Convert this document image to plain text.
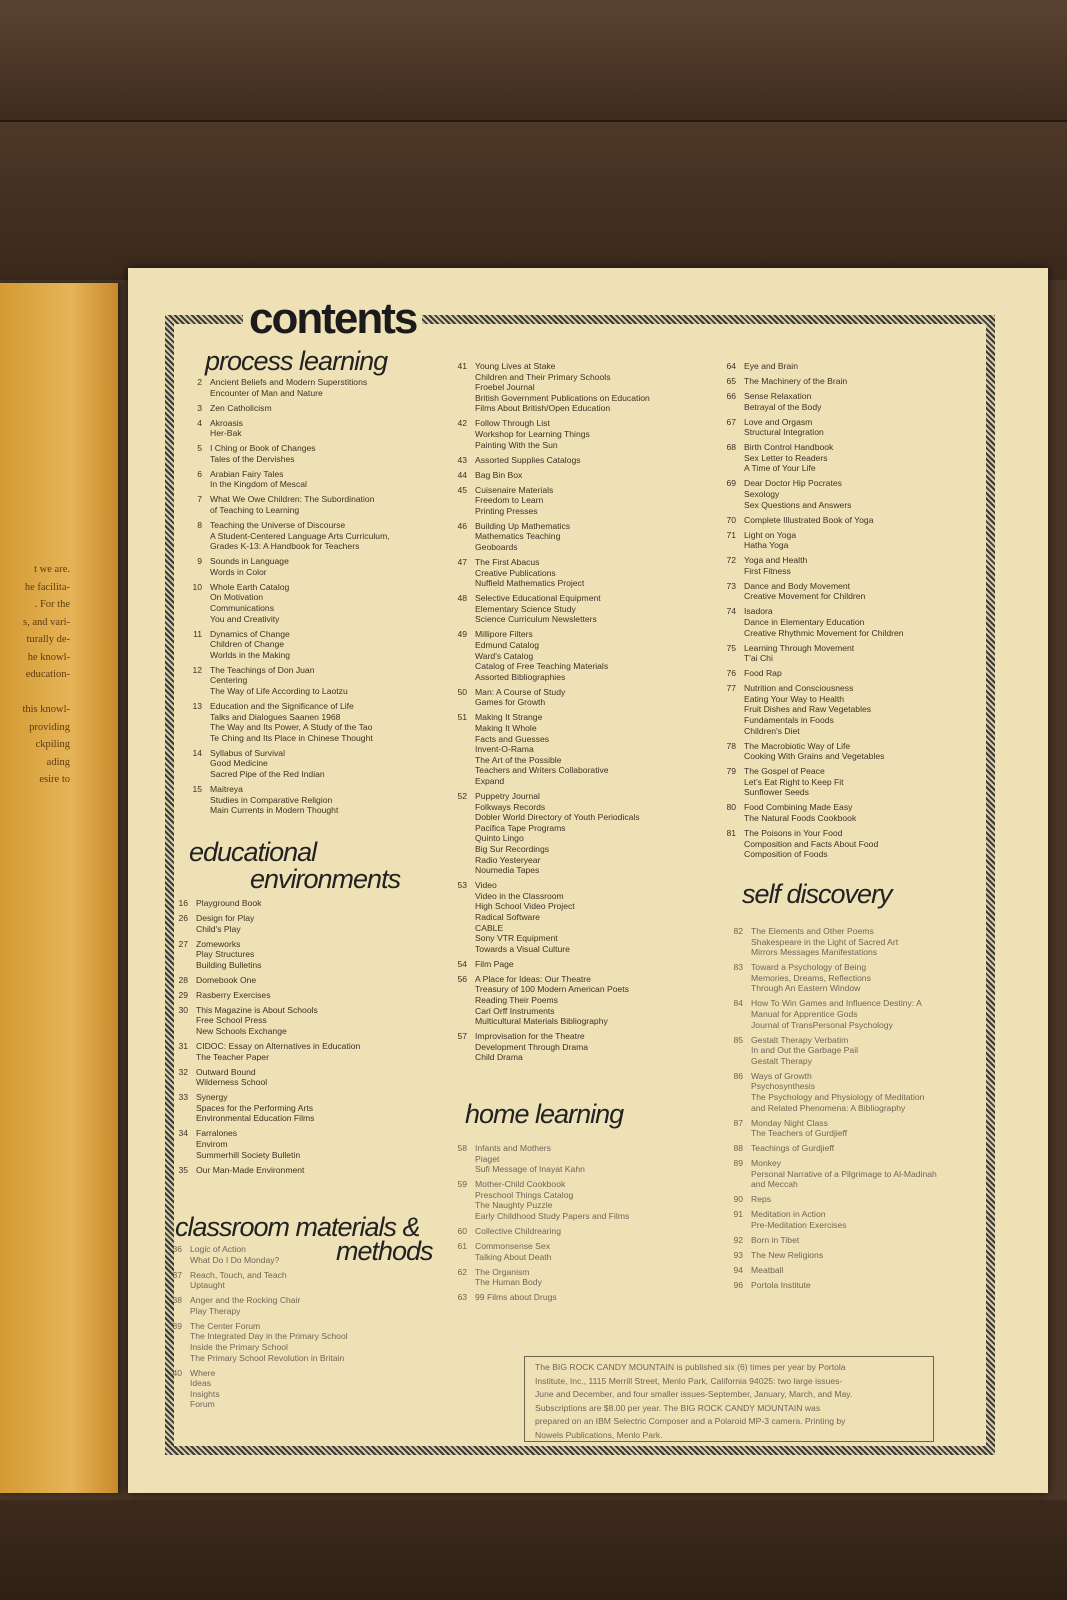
t we are.
he facilita-
. For the
s, and vari-
turally de-
he knowl-
education-

this knowl-
providing
ckpiling
ading
esire to
contents
process learning
2 Ancient Beliefs and Modern Superstitions
Encounter of Man and Nature
3 Zen Catholicism
4 Akroasis
Her-Bak
5 I Ching or Book of Changes
Tales of the Dervishes
6 Arabian Fairy Tales
In the Kingdom of Mescal
7 What We Owe Children: The Subordination
of Teaching to Learning
8 Teaching the Universe of Discourse
A Student-Centered Language Arts Curriculum,
Grades K-13: A Handbook for Teachers
9 Sounds in Language
Words in Color
10 Whole Earth Catalog
On Motivation
Communications
You and Creativity
11 Dynamics of Change
Children of Change
Worlds in the Making
12 The Teachings of Don Juan
Centering
The Way of Life According to Laotzu
13 Education and the Significance of Life
Talks and Dialogues Saanen 1968
The Way and Its Power, A Study of the Tao
Te Ching and Its Place in Chinese Thought
14 Syllabus of Survival
Good Medicine
Sacred Pipe of the Red Indian
15 Maitreya
Studies in Comparative Religion
Main Currents in Modern Thought
educational
environments
16 Playground Book
26 Design for Play
Child's Play
27 Zomeworks
Play Structures
Building Bulletins
28 Domebook One
29 Rasberry Exercises
30 This Magazine is About Schools
Free School Press
New Schools Exchange
31 CIDOC: Essay on Alternatives in Education
The Teacher Paper
32 Outward Bound
Wilderness School
33 Synergy
Spaces for the Performing Arts
Environmental Education Films
34 Farralones
Envirom
Summerhill Society Bulletin
35 Our Man-Made Environment
classroom materials &
methods
36 Logic of Action
What Do I Do Monday?
37 Reach, Touch, and Teach
Uptaught
38 Anger and the Rocking Chair
Play Therapy
39 The Center Forum
The Integrated Day in the Primary School
Inside the Primary School
The Primary School Revolution in Britain
40 Where
Ideas
Insights
Forum
41 Young Lives at Stake
Children and Their Primary Schools
Froebel Journal
British Government Publications on Education
Films About British/Open Education
42 Follow Through List
Workshop for Learning Things
Painting With the Sun
43 Assorted Supplies Catalogs
44 Bag Bin Box
45 Cuisenaire Materials
Freedom to Learn
Printing Presses
46 Building Up Mathematics
Mathematics Teaching
Geoboards
47 The First Abacus
Creative Publications
Nuffield Mathematics Project
48 Selective Educational Equipment
Elementary Science Study
Science Curriculum Newsletters
49 Millipore Filters
Edmund Catalog
Ward's Catalog
Catalog of Free Teaching Materials
Assorted Bibliographies
50 Man: A Course of Study
Games for Growth
51 Making It Strange
Making It Whole
Facts and Guesses
Invent-O-Rama
The Art of the Possible
Teachers and Writers Collaborative
Expand
52 Puppetry Journal
Folkways Records
Dobler World Directory of Youth Periodicals
Pacifica Tape Programs
Quinto Lingo
Big Sur Recordings
Radio Yesteryear
Noumedia Tapes
53 Video
Video in the Classroom
High School Video Project
Radical Software
CABLE
Sony VTR Equipment
Towards a Visual Culture
54 Film Page
56 A Place for Ideas: Our Theatre
Treasury of 100 Modern American Poets
Reading Their Poems
Carl Orff Instruments
Multicultural Materials Bibliography
57 Improvisation for the Theatre
Development Through Drama
Child Drama
home learning
58 Infants and Mothers
Piaget
Sufi Message of Inayat Kahn
59 Mother-Child Cookbook
Preschool Things Catalog
The Naughty Puzzle
Early Childhood Study Papers and Films
60 Collective Childrearing
61 Commonsense Sex
Talking About Death
62 The Organism
The Human Body
63 99 Films about Drugs
64 Eye and Brain
65 The Machinery of the Brain
66 Sense Relaxation
Betrayal of the Body
67 Love and Orgasm
Structural Integration
68 Birth Control Handbook
Sex Letter to Readers
A Time of Your Life
69 Dear Doctor Hip Pocrates
Sexology
Sex Questions and Answers
70 Complete Illustrated Book of Yoga
71 Light on Yoga
Hatha Yoga
72 Yoga and Health
First Fitness
73 Dance and Body Movement
Creative Movement for Children
74 Isadora
Dance in Elementary Education
Creative Rhythmic Movement for Children
75 Learning Through Movement
T'ai Chi
76 Food Rap
77 Nutrition and Consciousness
Eating Your Way to Health
Fruit Dishes and Raw Vegetables
Fundamentals in Foods
Children's Diet
78 The Macrobiotic Way of Life
Cooking With Grains and Vegetables
79 The Gospel of Peace
Let's Eat Right to Keep Fit
Sunflower Seeds
80 Food Combining Made Easy
The Natural Foods Cookbook
81 The Poisons in Your Food
Composition and Facts About Food
Composition of Foods
self discovery
82 The Elements and Other Poems
Shakespeare in the Light of Sacred Art
Mirrors Messages Manifestations
83 Toward a Psychology of Being
Memories, Dreams, Reflections
Through An Eastern Window
84 How To Win Games and Influence Destiny: A
Manual for Apprentice Gods
Journal of TransPersonal Psychology
85 Gestalt Therapy Verbatim
In and Out the Garbage Pail
Gestalt Therapy
86 Ways of Growth
Psychosynthesis
The Psychology and Physiology of Meditation
and Related Phenomena: A Bibliography
87 Monday Night Class
The Teachers of Gurdjieff
88 Teachings of Gurdjieff
89 Monkey
Personal Narrative of a Pilgrimage to Al-Madinah
and Meccah
90 Reps
91 Meditation in Action
Pre-Meditation Exercises
92 Born in Tibet
93 The New Religions
94 Meatball
96 Portola Institute
The BIG ROCK CANDY MOUNTAIN is published six (6) times per year by Portola
Institute, Inc., 1115 Merrill Street, Menlo Park, California 94025: two large issues-
June and December, and four smaller issues-September, January, March, and May.
Subscriptions are $8.00 per year. The BIG ROCK CANDY MOUNTAIN was
prepared on an IBM Selectric Composer and a Polaroid MP-3 camera. Printing by
Nowels Publications, Menlo Park.
